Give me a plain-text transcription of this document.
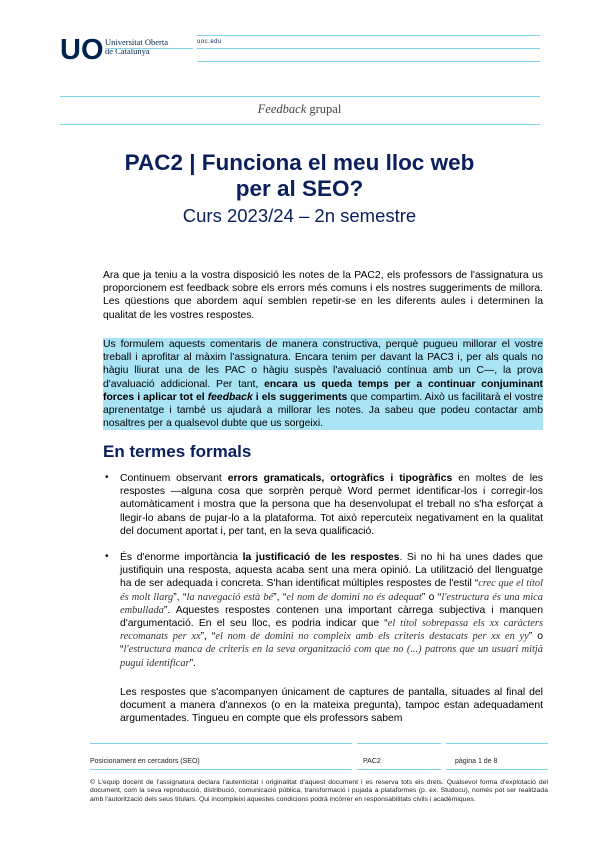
UO Universitat Oberta
de Catalunya
uoc.edu
Feedback grupal
PAC2 | Funciona el meu lloc web
per al SEO?
Curs 2023/24 – 2n semestre
Ara que ja teniu a la vostra disposició les notes de la PAC2, els professors de l'assignatura us proporcionem est feedback sobre els errors més comuns i els nostres suggeriments de millora. Les qüestions que abordem aquí semblen repetir-se en les diferents aules i determinen la qualitat de les vostres respostes.
Us formulem aquests comentaris de manera constructiva, perquè pugueu millorar el vostre treball i aprofitar al màxim l'assignatura. Encara tenim per davant la PAC3 i, per als quals no hàgiu lliurat una de les PAC o hàgiu suspès l'avaluació contínua amb un C—, la prova d'avaluació addicional. Per tant, encara us queda temps per a continuar conjuminant forces i aplicar tot el feedback i els suggeriments que compartim. Això us facilitarà el vostre aprenentatge i també us ajudarà a millorar les notes. Ja sabeu que podeu contactar amb nosaltres per a qualsevol dubte que us sorgeixi.
En termes formals
• Continuem observant errors gramaticals, ortogràfics i tipogràfics en moltes de les respostes —alguna cosa que sorprèn perquè Word permet identificar-los i corregir-los automàticament i mostra que la persona que ha desenvolupat el treball no s'ha esforçat a llegir-lo abans de pujar-lo a la plataforma. Tot això repercuteix negativament en la qualitat del document aportat i, per tant, en la seva qualificació.
• És d'enorme importància la justificació de les respostes. Si no hi ha unes dades que justifiquin una resposta, aquesta acaba sent una mera opinió. La utilització del llenguatge ha de ser adequada i concreta. S'han identificat múltiples respostes de l'estil “crec que el títol és molt llarg”, “la navegació està bé”, “el nom de domini no és adequat” o “l'estructura és una mica embullada”. Aquestes respostes contenen una important càrrega subjectiva i manquen d'argumentació. En el seu lloc, es podria indicar que “el títol sobrepassa els xx caràcters recomanats per xx”, “el nom de domini no compleix amb els criteris destacats per xx en yy” o “l'estructura manca de criteris en la seva organització com que no (...) patrons que un usuari mitjà pugui identificar”.
Les respostes que s'acompanyen únicament de captures de pantalla, situades al final del document a manera d'annexos (o en la mateixa pregunta), tampoc estan adequadament argumentades. Tingueu en compte que els professors sabem
Posicionament en cercadors (SEO)	PAC2	pàgina 1 de 8
© L'equip docent de l'assignatura declara l'autenticitat i originalitat d'aquest document i es reserva tots els drets. Qualsevol forma d'explotació del document, com la seva reproducció, distribució, comunicació pública, transformació i pujada a plataformes (p. ex. Studocu), només pot ser realitzada amb l'autorització dels seus titulars. Qui incompleixi aquestes condicions podrà incórrer en responsabilitats civils i acadèmiques.
